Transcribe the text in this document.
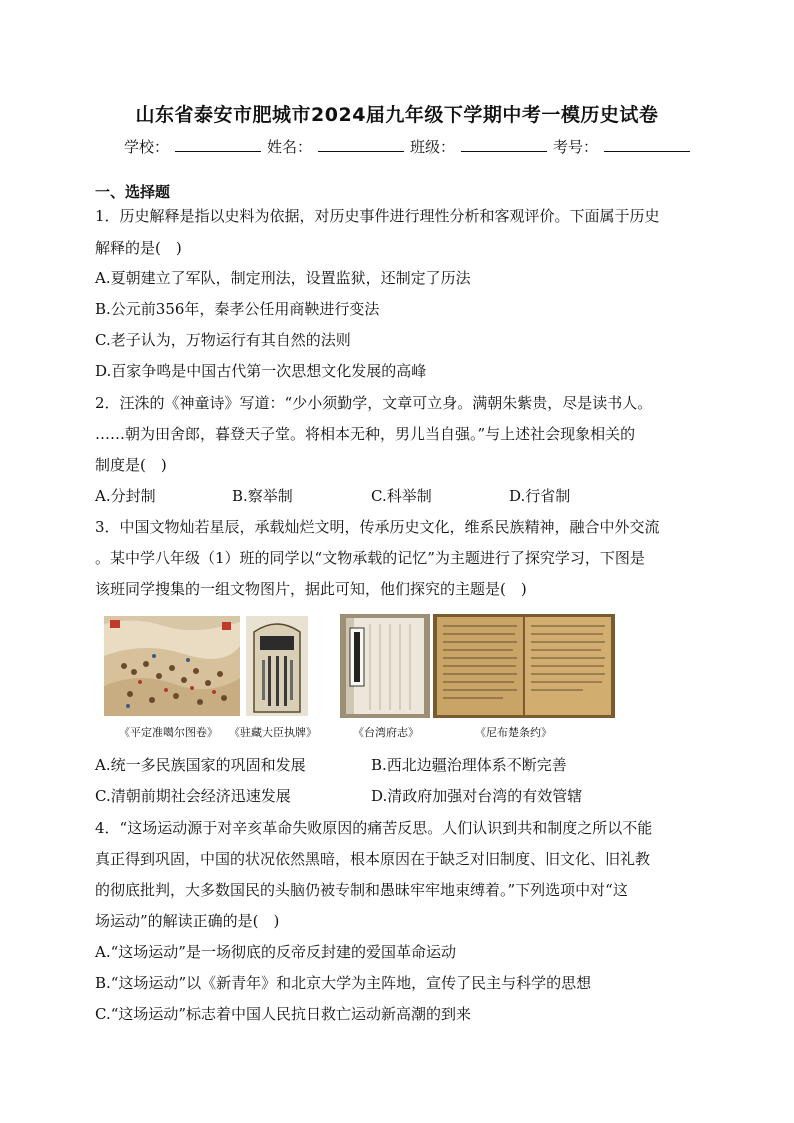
山东省泰安市肥城市2024届九年级下学期中考一模历史试卷
学校：	姓名：	班级：	考号：
一、选择题
1．历史解释是指以史料为依据，对历史事件进行理性分析和客观评价。下面属于历史
解释的是(　)
A.夏朝建立了军队，制定刑法，设置监狱，还制定了历法
B.公元前356年，秦孝公任用商鞅进行变法
C.老子认为，万物运行有其自然的法则
D.百家争鸣是中国古代第一次思想文化发展的高峰
2．汪洙的《神童诗》写道：“少小须勤学，文章可立身。满朝朱紫贵，尽是读书人。
……朝为田舍郎，暮登天子堂。将相本无种，男儿当自强。”与上述社会现象相关的
制度是(　)
A.分封制	B.察举制	C.科举制	D.行省制
3．中国文物灿若星辰，承载灿烂文明，传承历史文化，维系民族精神，融合中外交流
。某中学八年级（1）班的同学以“文物承载的记忆”为主题进行了探究学习，下图是
该班同学搜集的一组文物图片，据此可知，他们探究的主题是(　)
《平定准噶尔图卷》 《驻藏大臣执牌》	《台湾府志》	《尼布楚条约》
A.统一多民族国家的巩固和发展	B.西北边疆治理体系不断完善
C.清朝前期社会经济迅速发展	D.清政府加强对台湾的有效管辖
4．“这场运动源于对辛亥革命失败原因的痛苦反思。人们认识到共和制度之所以不能
真正得到巩固，中国的状况依然黑暗，根本原因在于缺乏对旧制度、旧文化、旧礼教
的彻底批判，大多数国民的头脑仍被专制和愚昧牢牢地束缚着。”下列选项中对“这
场运动”的解读正确的是(　)
A.“这场运动”是一场彻底的反帝反封建的爱国革命运动
B.“这场运动”以《新青年》和北京大学为主阵地，宣传了民主与科学的思想
C.“这场运动”标志着中国人民抗日救亡运动新高潮的到来
